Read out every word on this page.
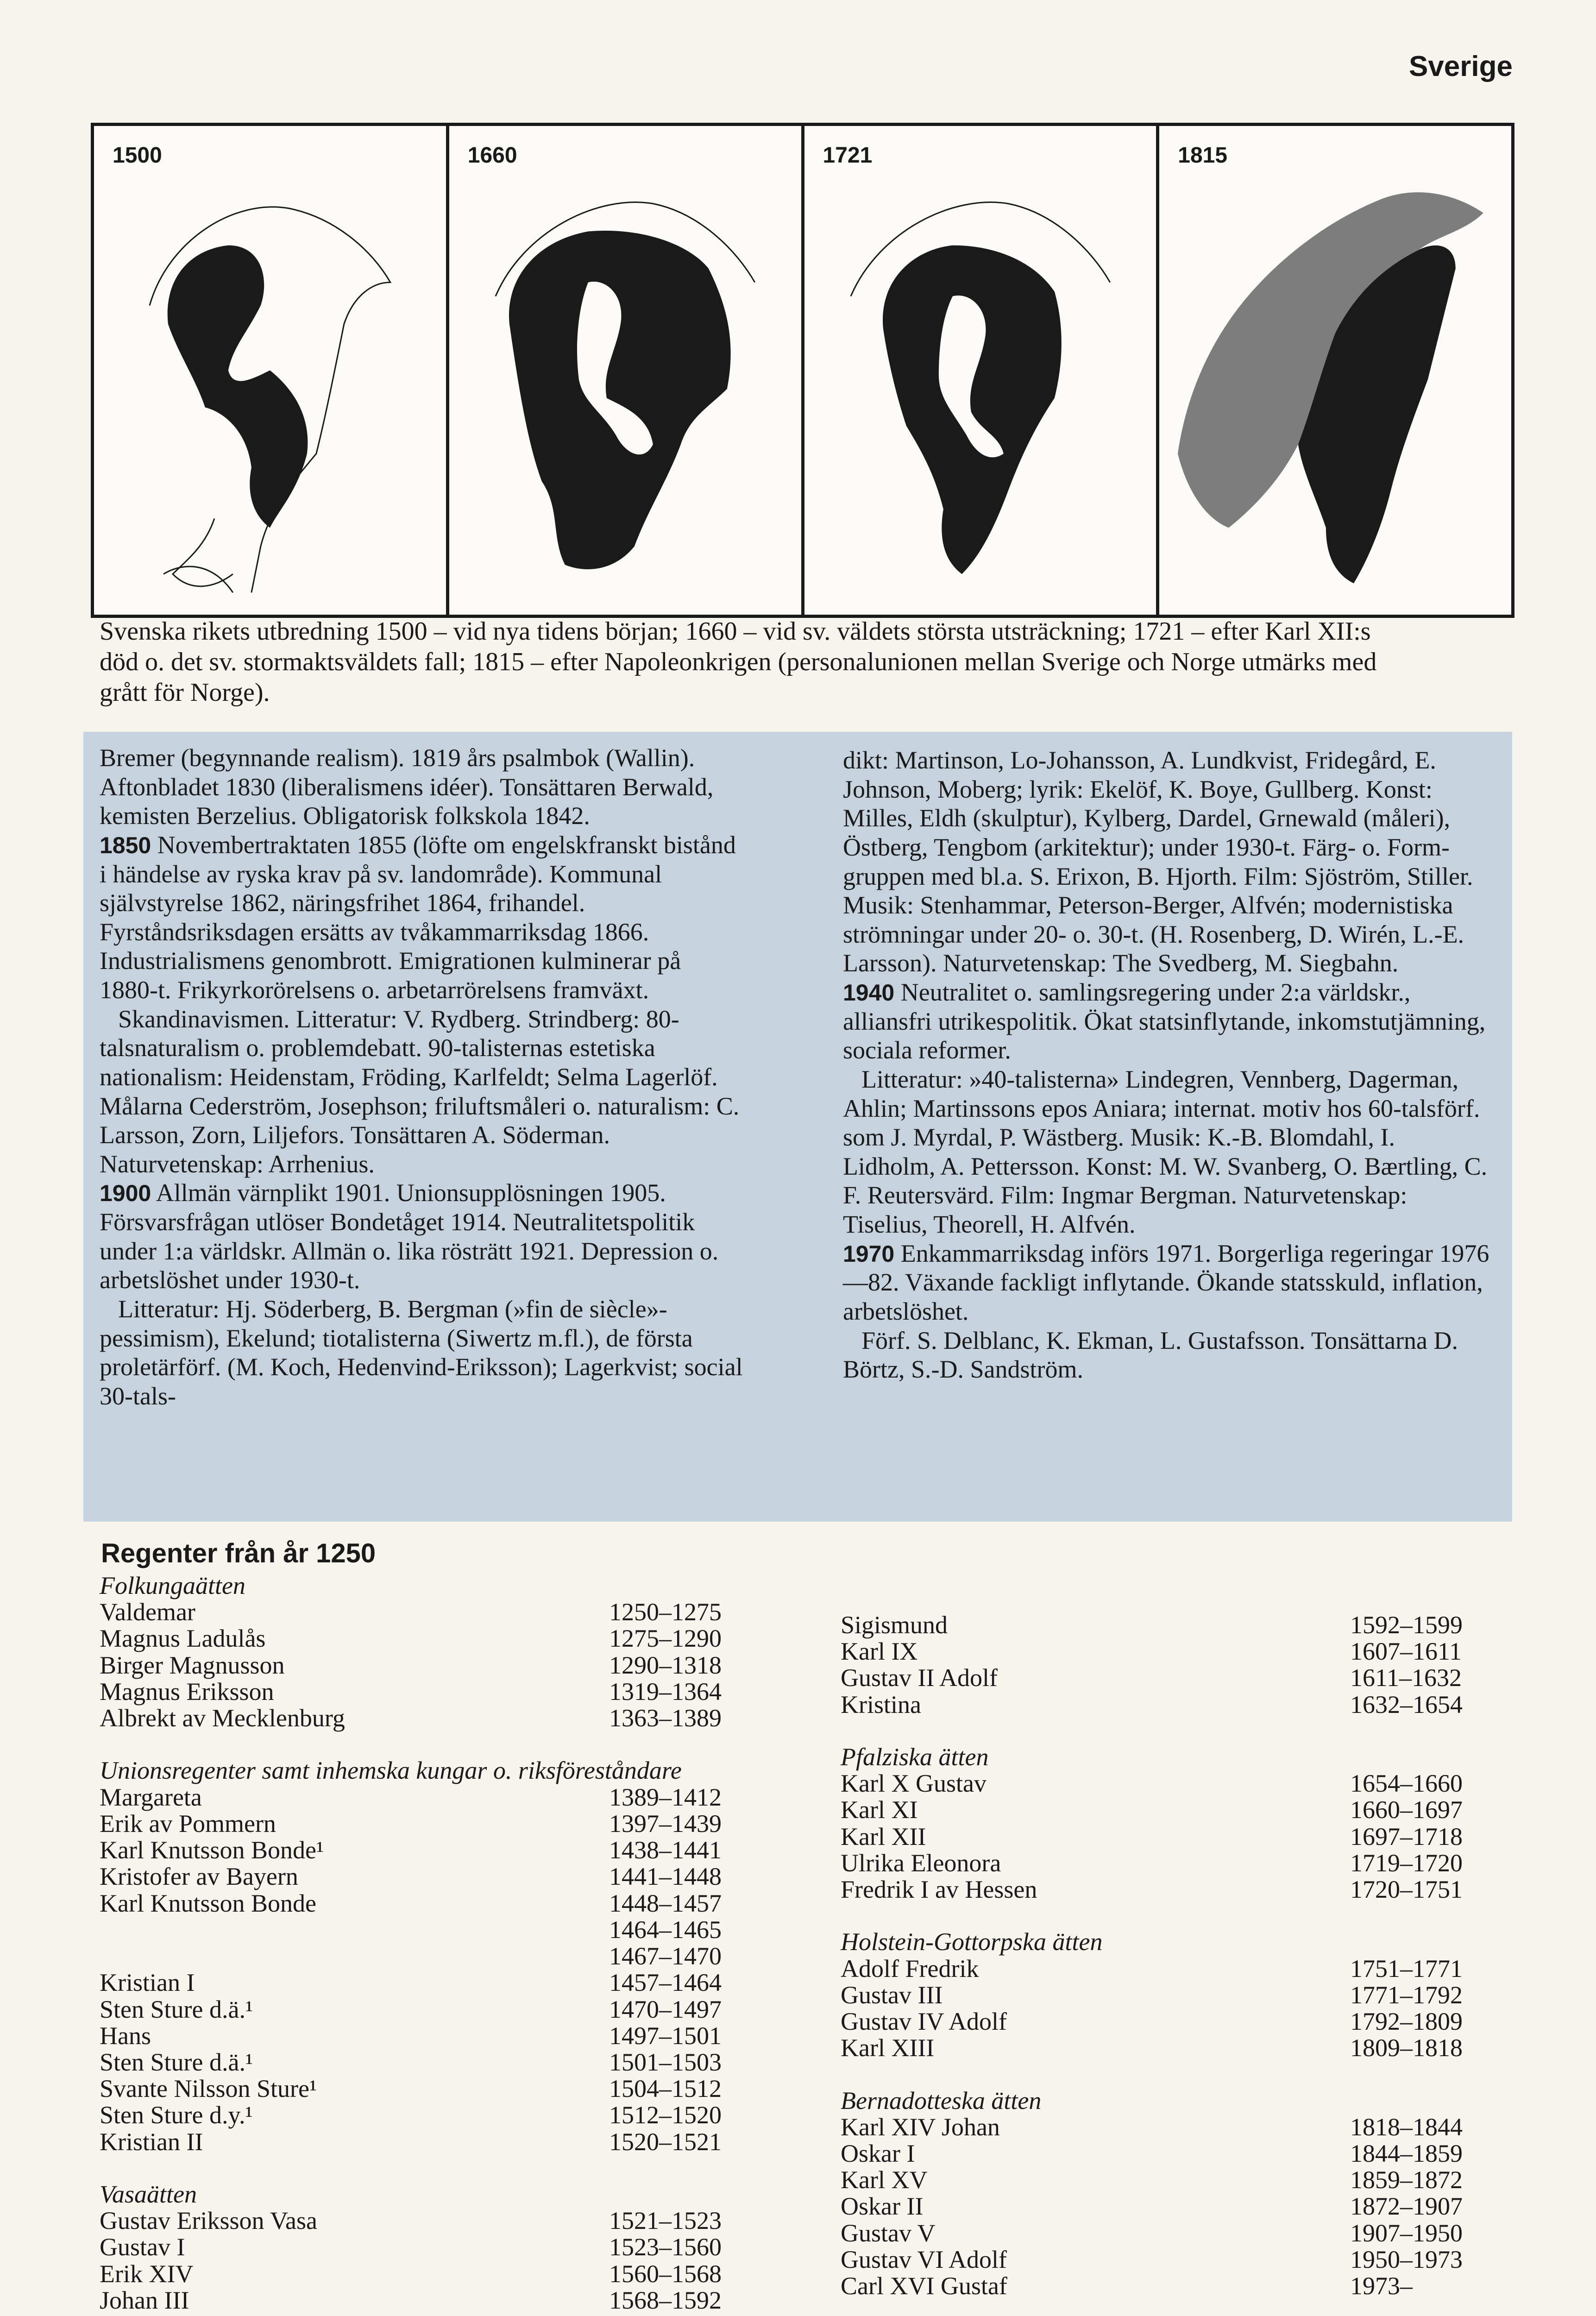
Sverige
1500	1660	1721	1815
Svenska rikets utbredning 1500 – vid nya tidens början; 1660 – vid sv. väldets största utsträckning; 1721 – efter Karl XII:s död o. det sv. stormaktsväldets fall; 1815 – efter Napoleonkrigen (personalunionen mellan Sverige och Norge utmärks med grått för Norge).

Bremer (begynnande realism). 1819 års psalmbok (Wallin). Aftonbladet 1830 (liberalismens idéer). Tonsättaren Berwald, kemisten Berzelius. Obligatorisk folkskola 1842.

1850 Novembertraktaten 1855 (löfte om engelskfranskt bistånd i händelse av ryska krav på sv. landområde). Kommunal självstyrelse 1862, näringsfrihet 1864, frihandel. Fyrståndsriksdagen ersätts av tvåkammarriksdag 1866. Industrialismens genombrott. Emigrationen kulminerar på 1880-t. Frikyrkorörelsens o. arbetarrörelsens framväxt.

Skandinavismen. Litteratur: V. Rydberg. Strindberg: 80-talsnaturalism o. problemdebatt. 90-talisternas estetiska nationalism: Heidenstam, Fröding, Karlfeldt; Selma Lagerlöf. Målarna Cederström, Josephson; friluftsmåleri o. naturalism: C. Larsson, Zorn, Liljefors. Tonsättaren A. Söderman. Naturvetenskap: Arrhenius.

1900 Allmän värnplikt 1901. Unionsupplösningen 1905. Försvarsfrågan utlöser Bondetåget 1914. Neutralitetspolitik under 1:a världskr. Allmän o. lika rösträtt 1921. Depression o. arbetslöshet under 1930-t.

Litteratur: Hj. Söderberg, B. Bergman (»fin de siècle»-pessimism), Ekelund; tiotalisterna (Siwertz m.fl.), de första proletärförf. (M. Koch, Hedenvind-Eriksson); Lagerkvist; social 30-tals-

dikt: Martinson, Lo-Johansson, A. Lundkvist, Fridegård, E. Johnson, Moberg; lyrik: Ekelöf, K. Boye, Gullberg. Konst: Milles, Eldh (skulptur), Kylberg, Dardel, Grnewald (måleri), Östberg, Tengbom (arkitektur); under 1930-t. Färg- o. Form-gruppen med bl.a. S. Erixon, B. Hjorth. Film: Sjöström, Stiller. Musik: Stenhammar, Peterson-Berger, Alfvén; modernistiska strömningar under 20- o. 30-t. (H. Rosenberg, D. Wirén, L.-E. Larsson). Naturvetenskap: The Svedberg, M. Siegbahn.

1940 Neutralitet o. samlingsregering under 2:a världskr., alliansfri utrikespolitik. Ökat statsinflytande, inkomstutjämning, sociala reformer.

Litteratur: »40-talisterna» Lindegren, Vennberg, Dagerman, Ahlin; Martinssons epos Aniara; internat. motiv hos 60-talsförf. som J. Myrdal, P. Wästberg. Musik: K.-B. Blomdahl, I. Lidholm, A. Pettersson. Konst: M. W. Svanberg, O. Bærtling, C. F. Reutersvärd. Film: Ingmar Bergman. Naturvetenskap: Tiselius, Theorell, H. Alfvén.

1970 Enkammarriksdag införs 1971. Borgerliga regeringar 1976—82. Växande fackligt inflytande. Ökande statsskuld, inflation, arbetslöshet.

Förf. S. Delblanc, K. Ekman, L. Gustafsson. Tonsättarna D. Börtz, S.-D. Sandström.

Regenter från år 1250
Folkungaätten
Valdemar	1250–1275
Magnus Ladulås	1275–1290
Birger Magnusson	1290–1318
Magnus Eriksson	1319–1364
Albrekt av Mecklenburg	1363–1389
Unionsregenter samt inhemska kungar o. riksföreståndare
Margareta	1389–1412
Erik av Pommern	1397–1439
Karl Knutsson Bonde¹	1438–1441
Kristofer av Bayern	1441–1448
Karl Knutsson Bonde	1448–1457
1464–1465
1467–1470
Kristian I	1457–1464
Sten Sture d.ä.¹	1470–1497
Hans	1497–1501
Sten Sture d.ä.¹	1501–1503
Svante Nilsson Sture¹	1504–1512
Sten Sture d.y.¹	1512–1520
Kristian II	1520–1521
Vasaätten
Gustav Eriksson Vasa	1521–1523
Gustav I	1523–1560
Erik XIV	1560–1568
Johan III	1568–1592
Sigismund	1592–1599
Karl IX	1607–1611
Gustav II Adolf	1611–1632
Kristina	1632–1654
Pfalziska ätten
Karl X Gustav	1654–1660
Karl XI	1660–1697
Karl XII	1697–1718
Ulrika Eleonora	1719–1720
Fredrik I av Hessen	1720–1751
Holstein-Gottorpska ätten
Adolf Fredrik	1751–1771
Gustav III	1771–1792
Gustav IV Adolf	1792–1809
Karl XIII	1809–1818
Bernadotteska ätten
Karl XIV Johan	1818–1844
Oskar I	1844–1859
Karl XV	1859–1872
Oskar II	1872–1907
Gustav V	1907–1950
Gustav VI Adolf	1950–1973
Carl XVI Gustaf	1973–
